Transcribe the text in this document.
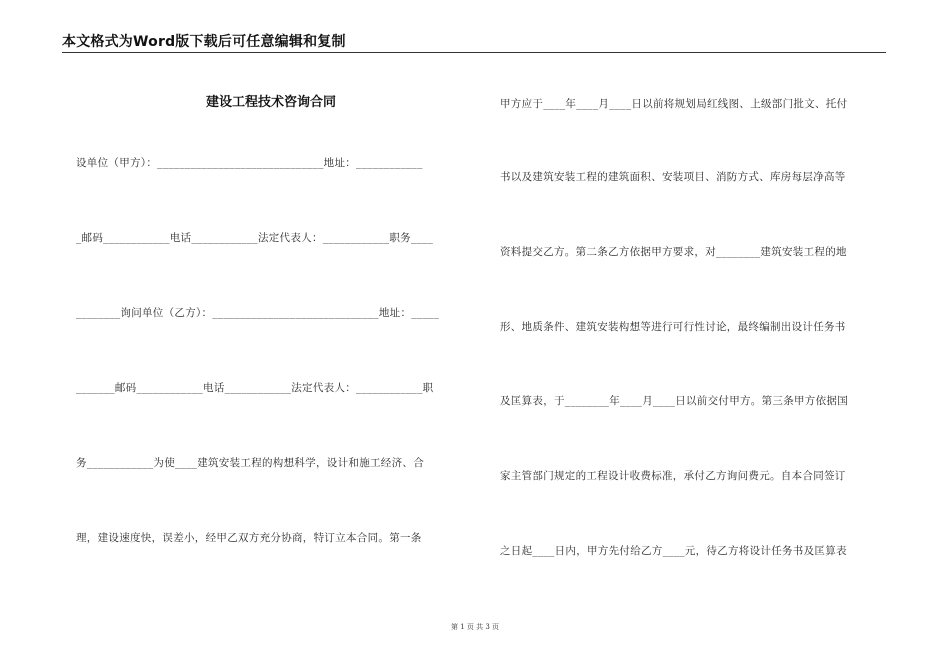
本文格式为Word版下载后可任意编辑和复制
建设工程技术咨询合同
设单位（甲方）：______________________________地址：____________
_邮码____________电话____________法定代表人：____________职务____
________询问单位（乙方）：______________________________地址：_____
_______邮码____________电话____________法定代表人：____________职
务____________为使____建筑安装工程的构想科学，设计和施工经济、合
理，建设速度快，误差小，经甲乙双方充分协商，特订立本合同。第一条
甲方应于____年____月____日以前将规划局红线图、上级部门批文、托付
书以及建筑安装工程的建筑面积、安装项目、消防方式、库房每层净高等
资料提交乙方。第二条乙方依据甲方要求，对________建筑安装工程的地
形、地质条件、建筑安装构想等进行可行性讨论，最终编制出设计任务书
及匡算表，于________年____月____日以前交付甲方。第三条甲方依据国
家主管部门规定的工程设计收费标准，承付乙方询问费元。自本合同签订
之日起____日内，甲方先付给乙方____元，待乙方将设计任务书及匡算表
第 1 页 共 3 页
